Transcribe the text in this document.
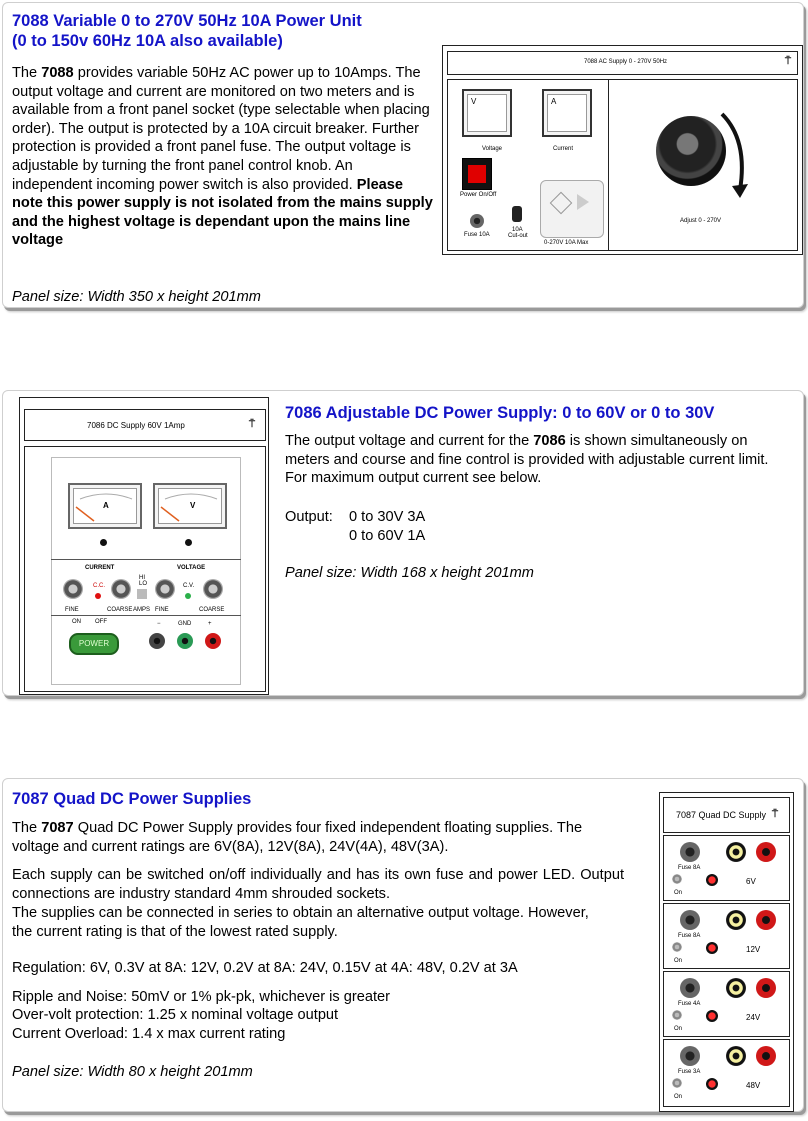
7088 Variable 0 to 270V 50Hz 10A Power Unit
(0 to 150v 60Hz 10A also available)

The 7088 provides variable 50Hz AC power up to 10Amps. The output voltage and current are monitored on two meters and is available from a front panel socket (type selectable when placing order). The output is protected by a 10A circuit breaker. Further protection is provided a front panel fuse. The output voltage is adjustable by turning the front panel control knob. An independent incoming power switch is also provided. Please note this power supply is not isolated from the mains supply and the highest voltage is dependant upon the mains line voltage

Panel size: Width 350 x height 201mm

7088 AC Supply 0 - 270V 50Hz	⍑
V	A
Voltage	Current
Power On/Off
Fuse 10A
10A
Cut-out
0-270V 10A Max
Adjust 0 - 270V
7086 DC Supply 60V 1Amp	⍑
A	V
CURRENT	VOLTAGE
C.C.
HI
LO	C.V.
FINE	COARSE AMPS FINE	COARSE
ON OFF
POWER
−	GND	+
7086 Adjustable DC Power Supply: 0 to 60V or 0 to 30V

The output voltage and current for the 7086 is shown simultaneously on meters and course and fine control is provided with adjustable current limit. For maximum output current see below.

Output: 0 to 30V 3A

0 to 60V 1A

Panel size: Width 168 x height 201mm

7087 Quad DC Power Supplies

The 7087 Quad DC Power Supply provides four fixed independent floating supplies. The voltage and current ratings are 6V(8A), 12V(8A), 24V(4A), 48V(3A).

Each supply can be switched on/off individually and has its own fuse and power LED. Output connections are industry standard 4mm shrouded sockets.

The supplies can be connected in series to obtain an alternative output voltage. However, the current rating is that of the lowest rated supply.

Regulation: 6V, 0.3V at 8A: 12V, 0.2V at 8A: 24V, 0.15V at 4A: 48V, 0.2V at 3A

Ripple and Noise: 50mV or 1% pk-pk, whichever is greater

Over-volt protection: 1.25 x nominal voltage output

Current Overload: 1.4 x max current rating

Panel size: Width 80 x height 201mm

7087 Quad DC Supply ⍑
Fuse 8A
On
6V
Fuse 8A
On
12V
Fuse 4A
On
24V
Fuse 3A
On
48V
